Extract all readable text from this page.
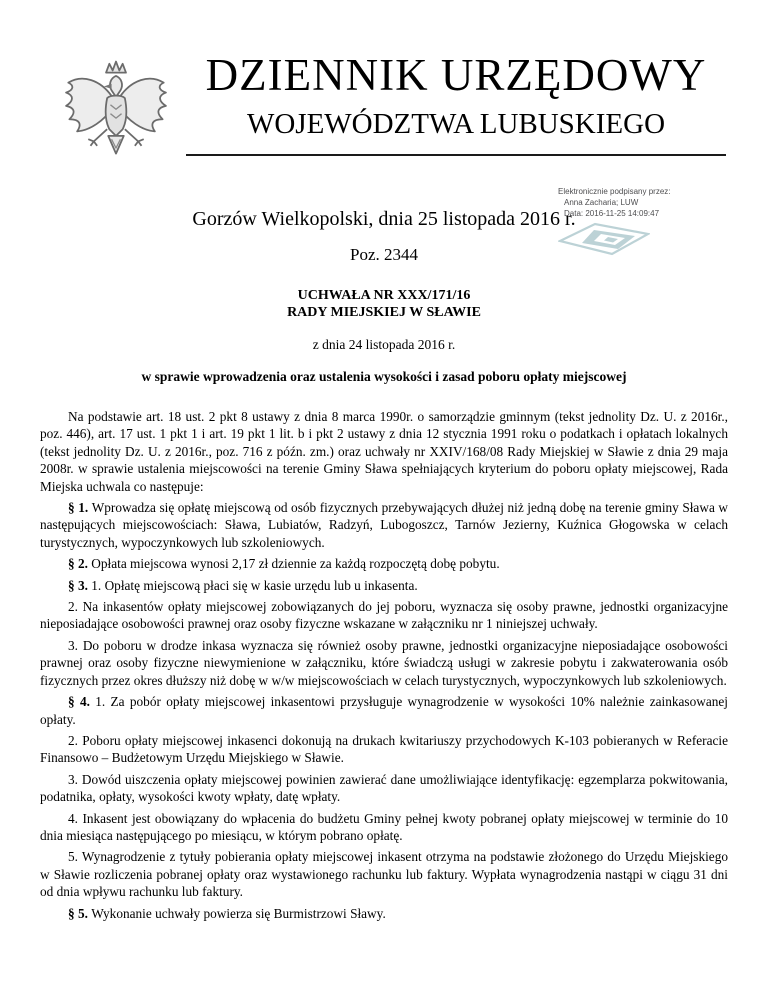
DZIENNIK URZĘDOWY
WOJEWÓDZTWA LUBUSKIEGO
Gorzów Wielkopolski, dnia 25 listopada 2016 r.
Elektronicznie podpisany przez:
Anna Zacharia; LUW
Data: 2016-11-25 14:09:47
Poz. 2344
UCHWAŁA NR XXX/171/16
RADY MIEJSKIEJ W SŁAWIE
z dnia 24 listopada 2016 r.
w sprawie wprowadzenia oraz ustalenia wysokości i zasad poboru opłaty miejscowej

Na podstawie art. 18 ust. 2 pkt 8 ustawy z dnia 8 marca 1990r. o samorządzie gminnym (tekst jednolity Dz. U. z 2016r., poz. 446), art. 17 ust. 1 pkt 1 i art. 19 pkt 1 lit. b i pkt 2 ustawy z dnia 12 stycznia 1991 roku o podatkach i opłatach lokalnych (tekst jednolity Dz. U. z 2016r., poz. 716 z późn. zm.) oraz uchwały nr XXIV/168/08 Rady Miejskiej w Sławie z dnia 29 maja 2008r. w sprawie ustalenia miejscowości na terenie Gminy Sława spełniających kryterium do poboru opłaty miejscowej, Rada Miejska uchwala co następuje:

§ 1. Wprowadza się opłatę miejscową od osób fizycznych przebywających dłużej niż jedną dobę na terenie gminy Sława w następujących miejscowościach: Sława, Lubiatów, Radzyń, Lubogoszcz, Tarnów Jezierny, Kuźnica Głogowska w celach turystycznych, wypoczynkowych lub szkoleniowych.

§ 2. Opłata miejscowa wynosi 2,17 zł dziennie za każdą rozpoczętą dobę pobytu.

§ 3. 1. Opłatę miejscową płaci się w kasie urzędu lub u inkasenta.

2. Na inkasentów opłaty miejscowej zobowiązanych do jej poboru, wyznacza się osoby prawne, jednostki organizacyjne nieposiadające osobowości prawnej oraz osoby fizyczne wskazane w załączniku nr 1 niniejszej uchwały.

3. Do poboru w drodze inkasa wyznacza się również osoby prawne, jednostki organizacyjne nieposiadające osobowości prawnej oraz osoby fizyczne niewymienione w załączniku, które świadczą usługi w zakresie pobytu i zakwaterowania osób fizycznych przez okres dłuższy niż dobę w w/w miejscowościach w celach turystycznych, wypoczynkowych lub szkoleniowych.

§ 4. 1. Za pobór opłaty miejscowej inkasentowi przysługuje wynagrodzenie w wysokości 10% należnie zainkasowanej opłaty.

2. Poboru opłaty miejscowej inkasenci dokonują na drukach kwitariuszy przychodowych K-103 pobieranych w Referacie Finansowo – Budżetowym Urzędu Miejskiego w Sławie.

3. Dowód uiszczenia opłaty miejscowej powinien zawierać dane umożliwiające identyfikację: egzemplarza pokwitowania, podatnika, opłaty, wysokości kwoty wpłaty, datę wpłaty.

4. Inkasent jest obowiązany do wpłacenia do budżetu Gminy pełnej kwoty pobranej opłaty miejscowej w terminie do 10 dnia miesiąca następującego po miesiącu, w którym pobrano opłatę.

5. Wynagrodzenie z tytuły pobierania opłaty miejscowej inkasent otrzyma na podstawie złożonego do Urzędu Miejskiego w Sławie rozliczenia pobranej opłaty oraz wystawionego rachunku lub faktury. Wypłata wynagrodzenia nastąpi w ciągu 31 dni od dnia wpływu rachunku lub faktury.

§ 5. Wykonanie uchwały powierza się Burmistrzowi Sławy.
